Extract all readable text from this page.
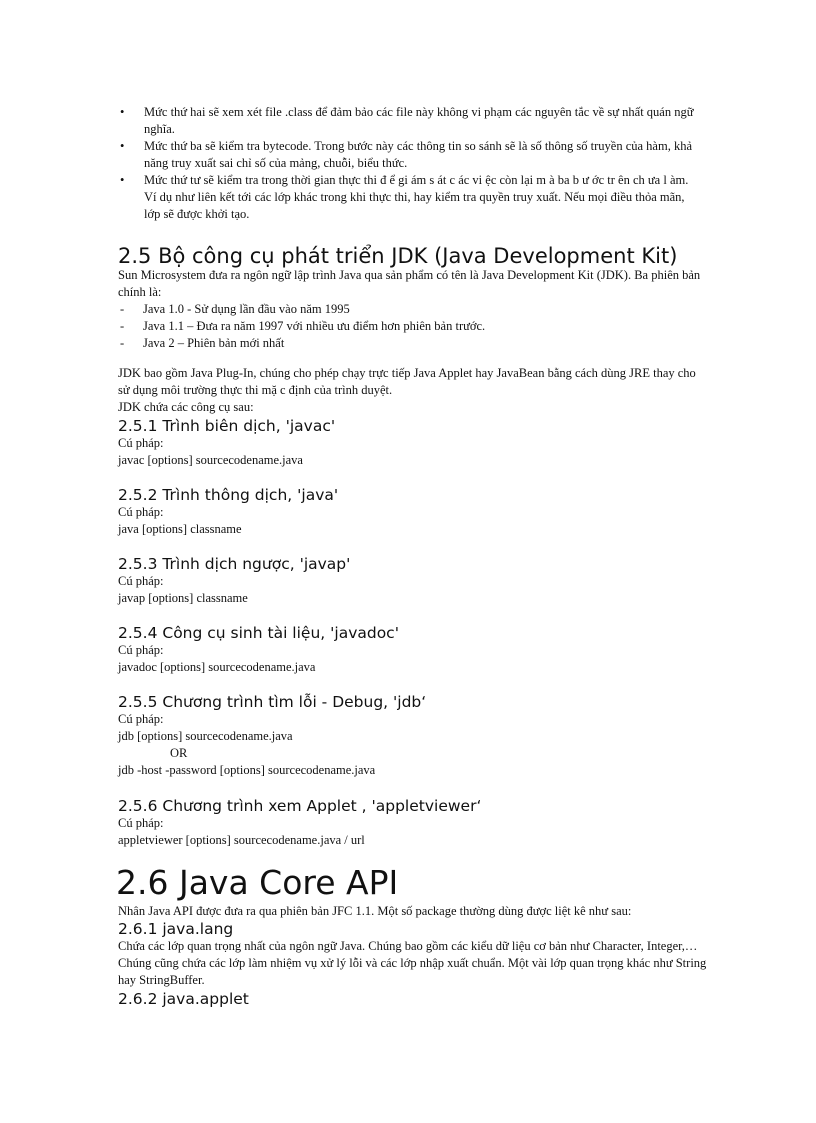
• Mức thứ hai sẽ xem xét file .class để đảm bảo các file này không vi phạm các nguyên tắc về sự nhất quán ngữ nghĩa.
• Mức thứ ba sẽ kiểm tra bytecode. Trong bước này các thông tin so sánh sẽ là số thông số truyền của hàm, khả năng truy xuất sai chỉ số của mảng, chuỗi, biểu thức.
• Mức thứ tư sẽ kiểm tra trong thời gian thực thi đ ể gi ám s át c ác vi ệc còn lại m à ba b ư ớc tr ên ch ưa l àm. Ví dụ như liên kết tới các lớp khác trong khi thực thi, hay kiểm tra quyền truy xuất. Nếu mọi điều thỏa mãn, lớp sẽ được khởi tạo.
2.5 Bộ công cụ phát triển JDK (Java Development Kit)
Sun Microsystem đưa ra ngôn ngữ lập trình Java qua sản phẩm có tên là Java Development Kit (JDK). Ba phiên bản chính là:
- Java 1.0 - Sử dụng lần đầu vào năm 1995
- Java 1.1 – Đưa ra năm 1997 với nhiều ưu điểm hơn phiên bản trước.
- Java 2 – Phiên bản mới nhất
JDK bao gồm Java Plug-In, chúng cho phép chạy trực tiếp Java Applet hay JavaBean bằng cách dùng JRE thay cho sử dụng môi trường thực thi mặ c định của trình duyệt.
JDK chứa các công cụ sau:
2.5.1 Trình biên dịch, 'javac'
Cú pháp:
javac [options] sourcecodename.java
2.5.2 Trình thông dịch, 'java'
Cú pháp:
java [options] classname
2.5.3 Trình dịch ngược, 'javap'
Cú pháp:
javap [options] classname
2.5.4 Công cụ sinh tài liệu, 'javadoc'
Cú pháp:
javadoc [options] sourcecodename.java
2.5.5 Chương trình tìm lỗi - Debug, 'jdb‘
Cú pháp:
jdb [options] sourcecodename.java
OR
jdb -host -password [options] sourcecodename.java
2.5.6 Chương trình xem Applet , 'appletviewer‘
Cú pháp:
appletviewer [options] sourcecodename.java / url
2.6 Java Core API
Nhân Java API được đưa ra qua phiên bản JFC 1.1. Một số package thường dùng được liệt kê như sau:
2.6.1 java.lang
Chứa các lớp quan trọng nhất của ngôn ngữ Java. Chúng bao gồm các kiểu dữ liệu cơ bản như Character, Integer,… Chúng cũng chứa các lớp làm nhiệm vụ xử lý lỗi và các lớp nhập xuất chuẩn. Một vài lớp quan trọng khác như String hay StringBuffer.
2.6.2 java.applet
